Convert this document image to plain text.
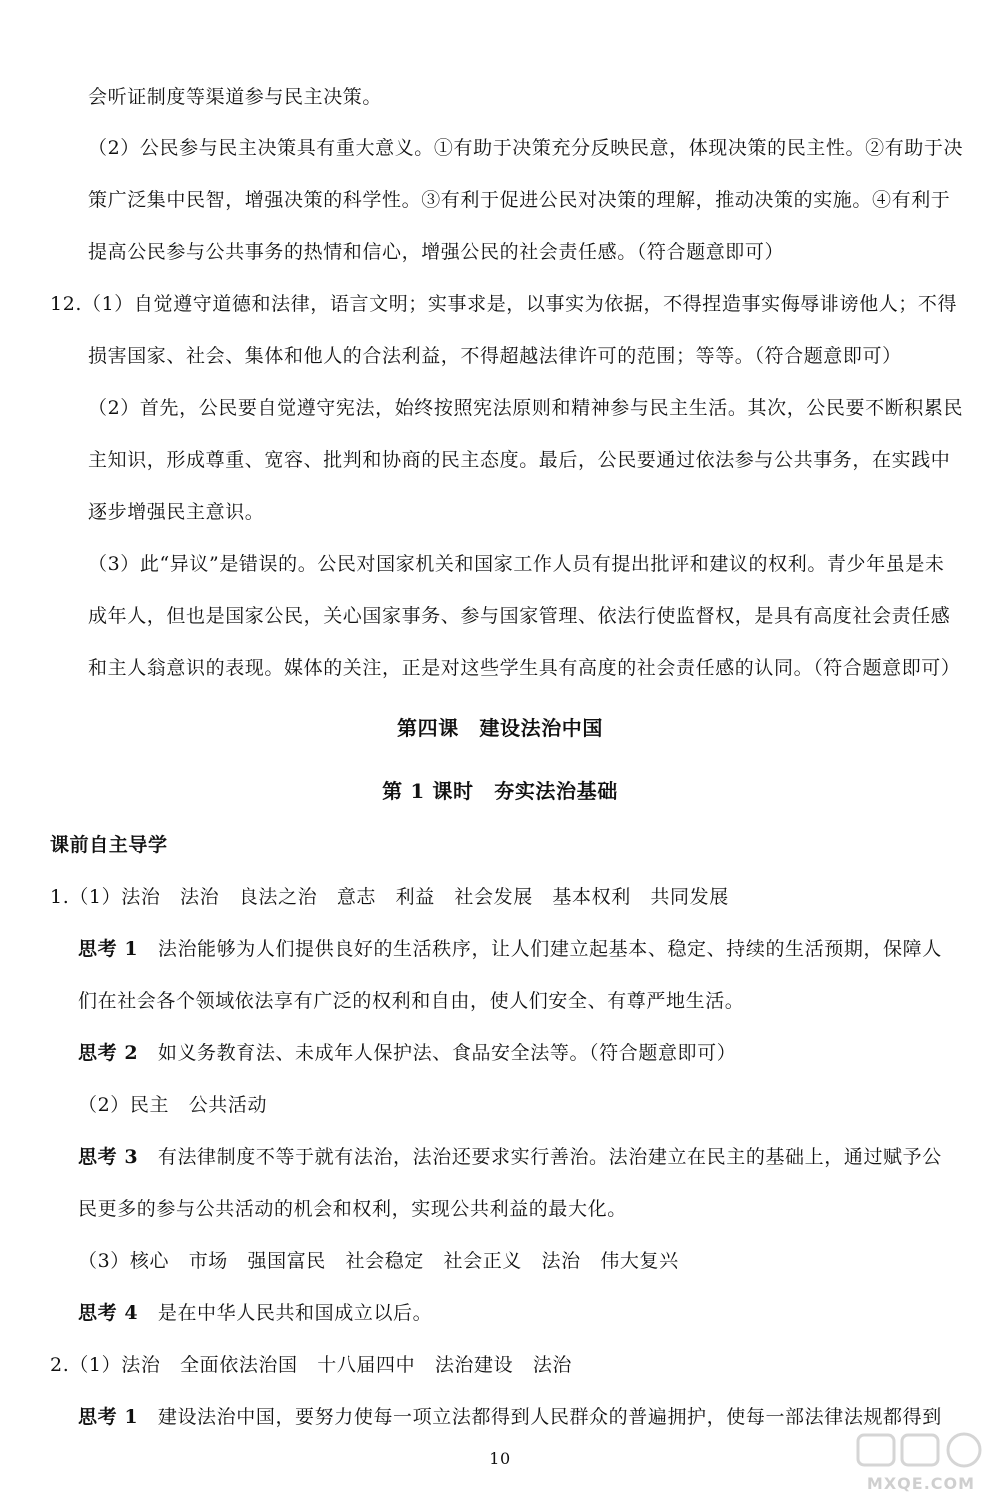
会听证制度等渠道参与民主决策。
（2）公民参与民主决策具有重大意义。①有助于决策充分反映民意，体现决策的民主性。②有助于决
策广泛集中民智，增强决策的科学性。③有利于促进公民对决策的理解，推动决策的实施。④有利于
提高公民参与公共事务的热情和信心，增强公民的社会责任感。（符合题意即可）
12.（1）自觉遵守道德和法律，语言文明；实事求是，以事实为依据，不得捏造事实侮辱诽谤他人；不得
损害国家、社会、集体和他人的合法利益，不得超越法律许可的范围；等等。（符合题意即可）
（2）首先，公民要自觉遵守宪法，始终按照宪法原则和精神参与民主生活。其次，公民要不断积累民
主知识，形成尊重、宽容、批判和协商的民主态度。最后，公民要通过依法参与公共事务，在实践中
逐步增强民主意识。
（3）此“异议”是错误的。公民对国家机关和国家工作人员有提出批评和建议的权利。青少年虽是未
成年人，但也是国家公民，关心国家事务、参与国家管理、依法行使监督权，是具有高度社会责任感
和主人翁意识的表现。媒体的关注，正是对这些学生具有高度的社会责任感的认同。（符合题意即可）
第四课　建设法治中国
第 1 课时　夯实法治基础
课前自主导学
1.（1）法治　法治　良法之治　意志　利益　社会发展　基本权利　共同发展
思考 1　 法治能够为人们提供良好的生活秩序，让人们建立起基本、稳定、持续的生活预期，保障人
们在社会各个领域依法享有广泛的权利和自由，使人们安全、有尊严地生活。
思考 2　 如义务教育法、未成年人保护法、食品安全法等。（符合题意即可）
（2）民主　公共活动
思考 3　 有法律制度不等于就有法治，法治还要求实行善治。法治建立在民主的基础上，通过赋予公
民更多的参与公共活动的机会和权利，实现公共利益的最大化。
（3）核心　市场　强国富民　社会稳定　社会正义　法治　伟大复兴
思考 4　 是在中华人民共和国成立以后。
2.（1）法治　全面依法治国　十八届四中　法治建设　法治
思考 1　 建设法治中国，要努力使每一项立法都得到人民群众的普遍拥护，使每一部法律法规都得到
10
MXQE.COM
